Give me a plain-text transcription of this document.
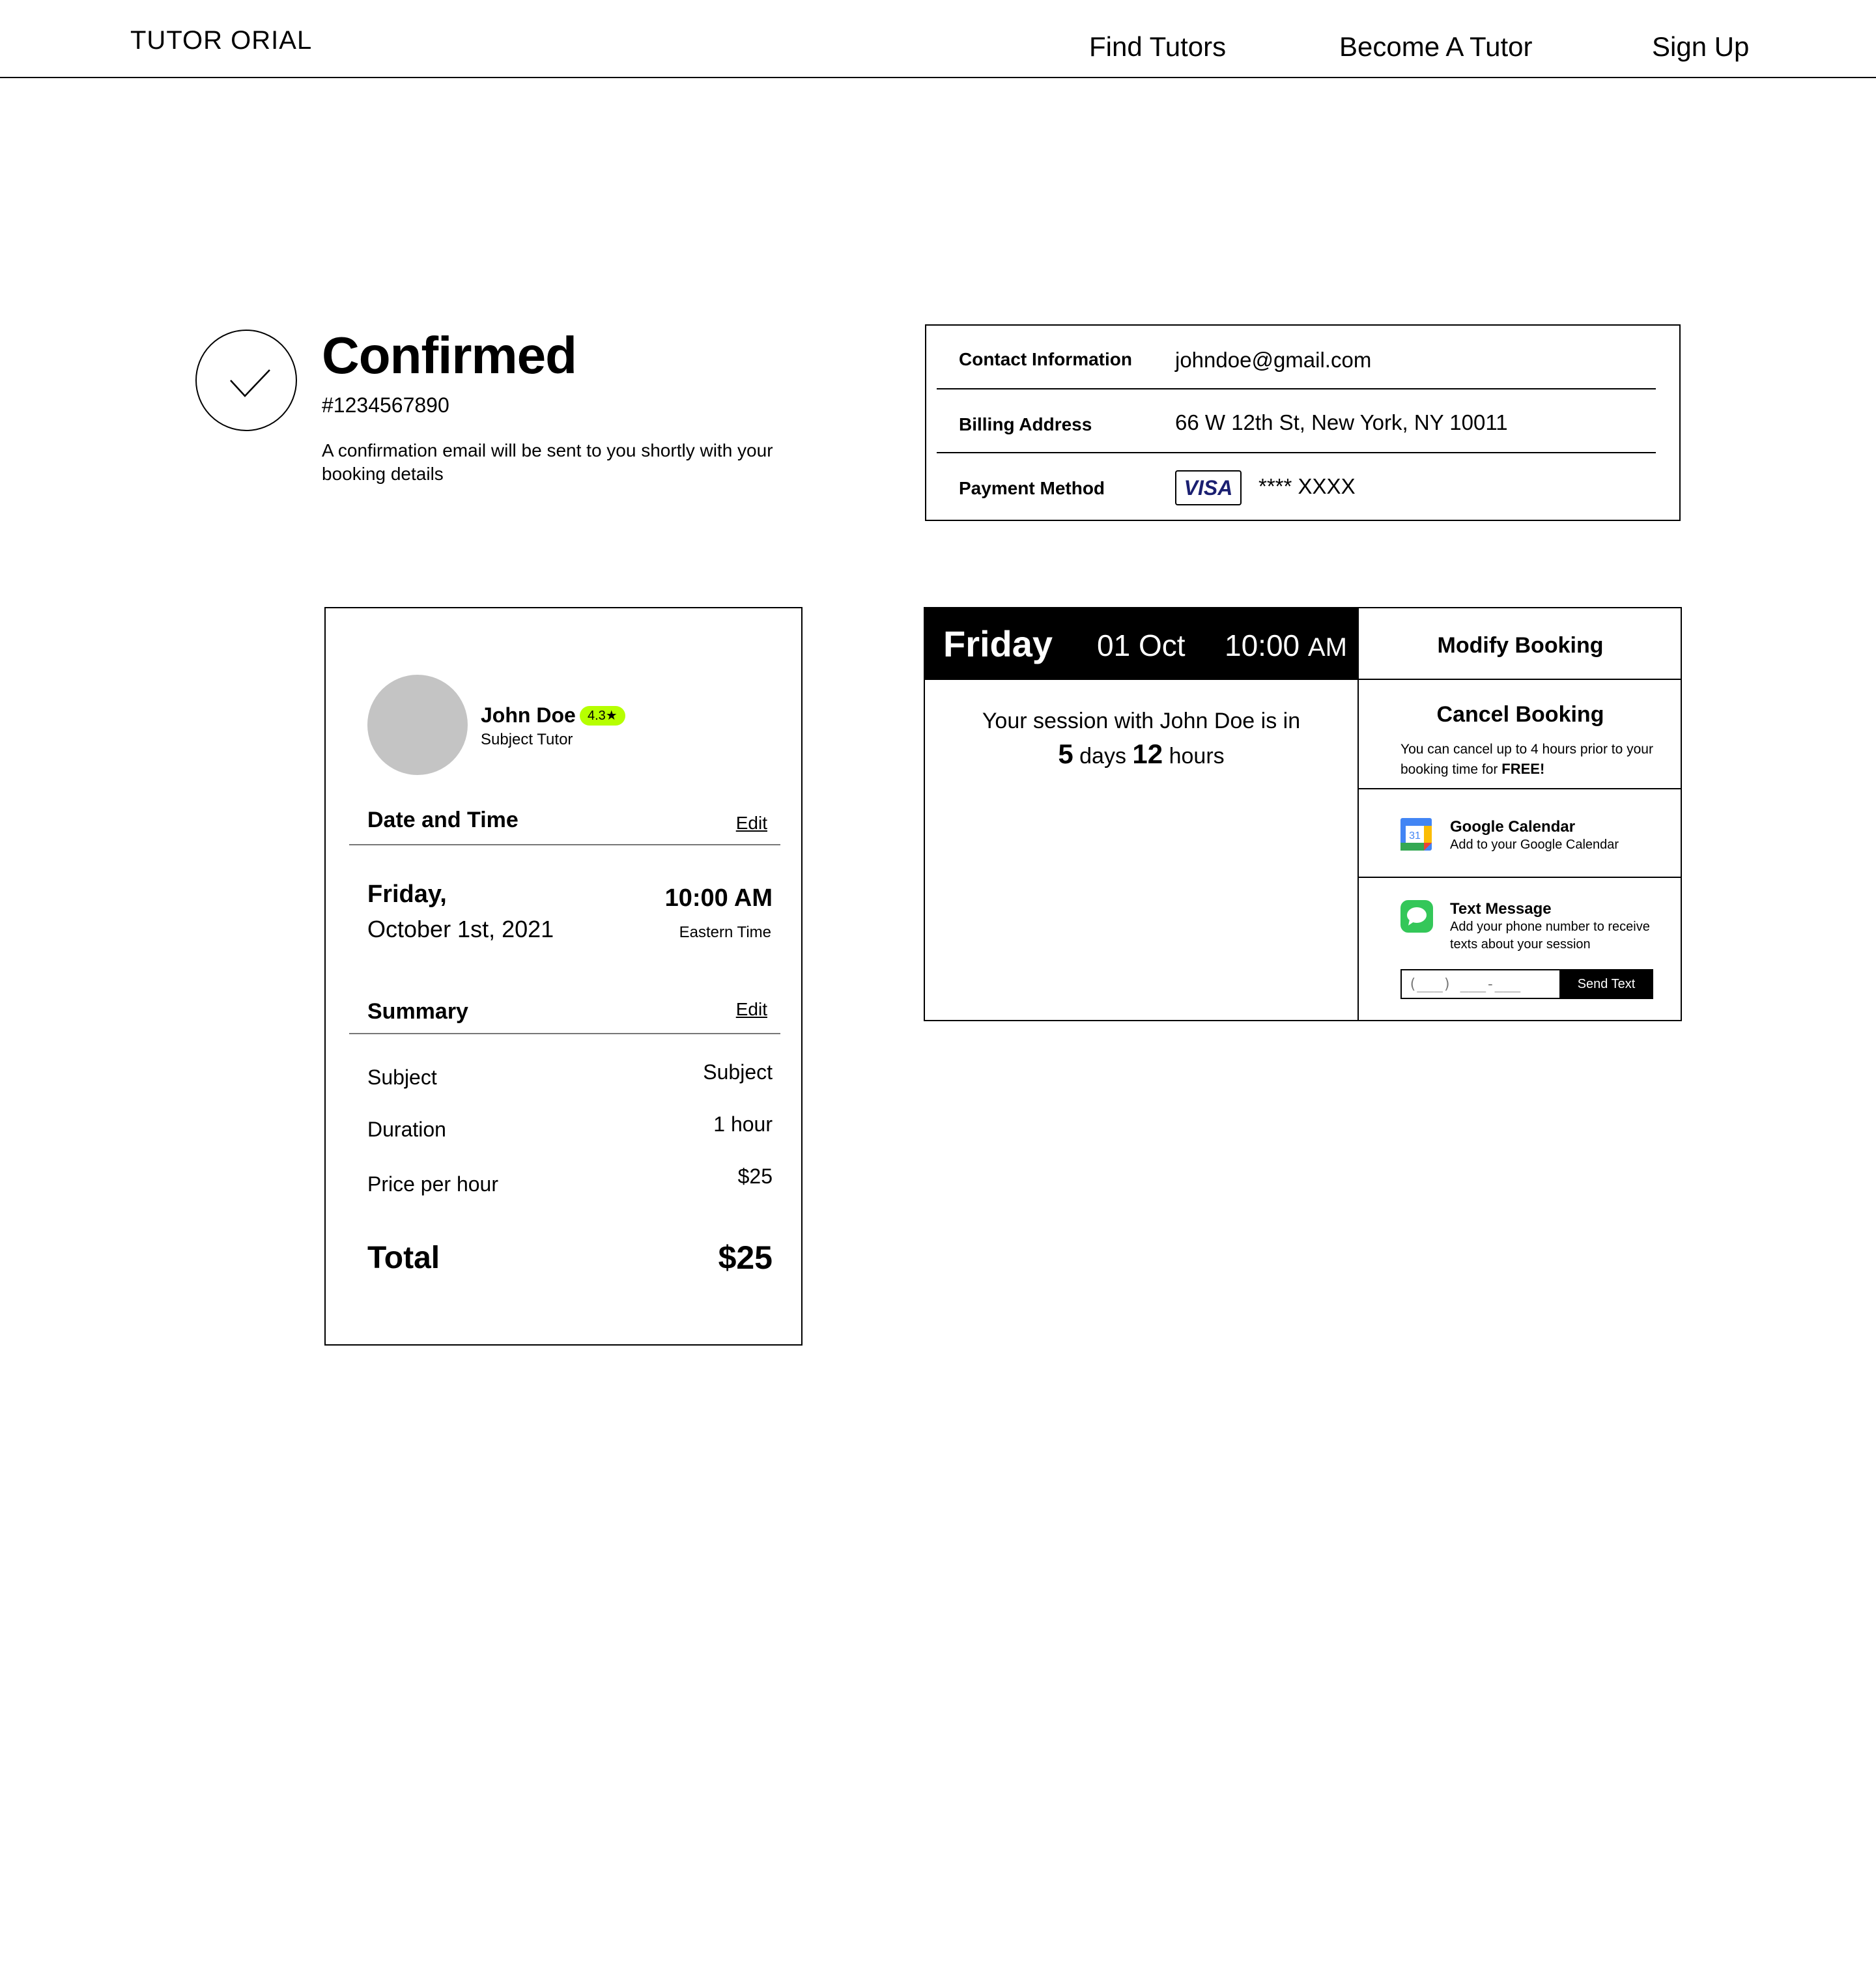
TUTOR ORIAL	Find Tutors	Become A Tutor	Sign Up
Confirmed
#1234567890
A confirmation email will be sent to you shortly with your booking details
Contact Information johndoe@gmail.com
Billing Address	66 W 12th St, New York, NY 10011
Payment Method	VISA	**** XXXX
John Doe 4.3★
Subject Tutor
Date and Time	Edit
Friday,
October 1st, 2021
10:00 AM
Eastern Time
Summary	Edit
Subject	Subject
Duration	1 hour
Price per hour	$25
Total	$25
Friday 01 Oct 10:00 AM
Your session with John Doe is in
5 days 12 hours
Modify Booking
Cancel Booking
You can cancel up to 4 hours prior to your booking time for FREE!
31
Google Calendar
Add to your Google Calendar
Text Message
Add your phone number to receive texts about your session
(___) ___-___
Send Text
